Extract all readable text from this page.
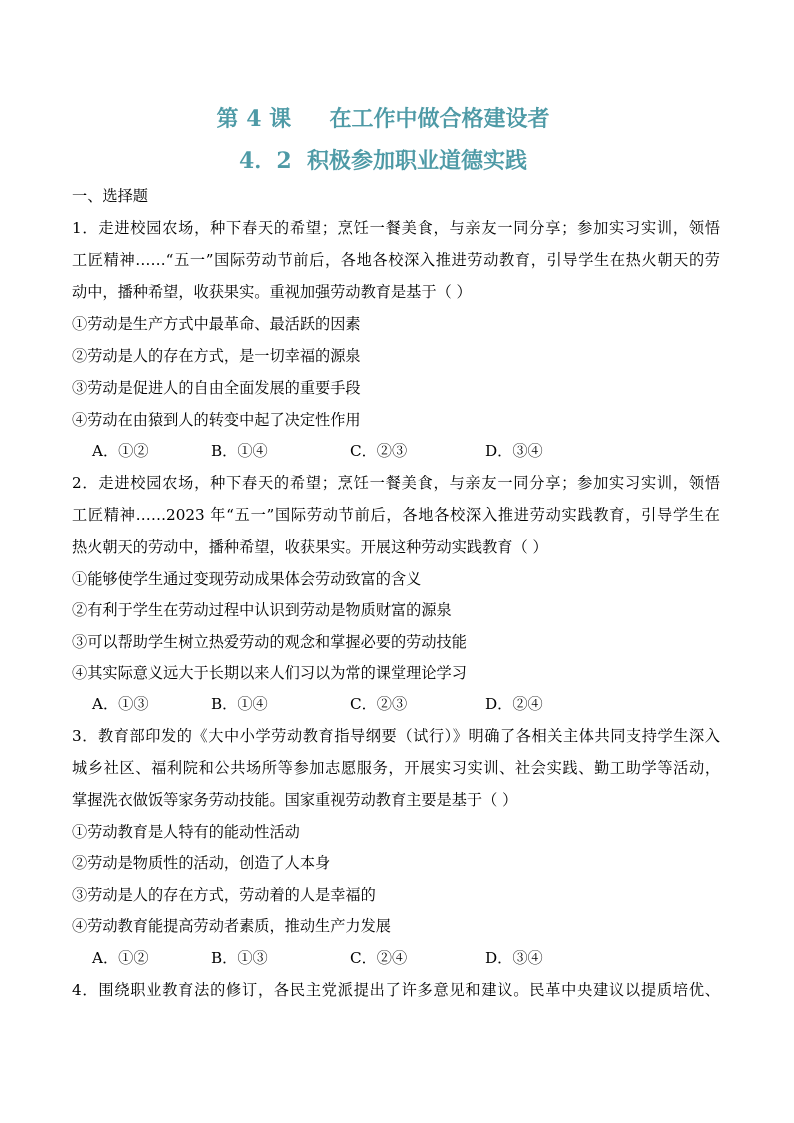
第 4 课     在工作中做合格建设者
4．2  积极参加职业道德实践
一、选择题
1．走进校园农场，种下春天的希望；烹饪一餐美食，与亲友一同分享；参加实习实训，领悟
工匠精神……“五一”国际劳动节前后，各地各校深入推进劳动教育，引导学生在热火朝天的劳
动中，播种希望，收获果实。重视加强劳动教育是基于（ ）
①劳动是生产方式中最革命、最活跃的因素
②劳动是人的存在方式，是一切幸福的源泉
③劳动是促进人的自由全面发展的重要手段
④劳动在由猿到人的转变中起了决定性作用
A．①②	B．①④	C．②③	D．③④
2．走进校园农场，种下春天的希望；烹饪一餐美食，与亲友一同分享；参加实习实训，领悟
工匠精神……2023 年“五一”国际劳动节前后，各地各校深入推进劳动实践教育，引导学生在
热火朝天的劳动中，播种希望，收获果实。开展这种劳动实践教育（ ）
①能够使学生通过变现劳动成果体会劳动致富的含义
②有利于学生在劳动过程中认识到劳动是物质财富的源泉
③可以帮助学生树立热爱劳动的观念和掌握必要的劳动技能
④其实际意义远大于长期以来人们习以为常的课堂理论学习
A．①③	B．①④	C．②③	D．②④
3．教育部印发的《大中小学劳动教育指导纲要（试行）》明确了各相关主体共同支持学生深入
城乡社区、福利院和公共场所等参加志愿服务，开展实习实训、社会实践、勤工助学等活动，
掌握洗衣做饭等家务劳动技能。国家重视劳动教育主要是基于（ ）
①劳动教育是人特有的能动性活动
②劳动是物质性的活动，创造了人本身
③劳动是人的存在方式，劳动着的人是幸福的
④劳动教育能提高劳动者素质，推动生产力发展
A．①②	B．①③	C．②④	D．③④
4．围绕职业教育法的修订，各民主党派提出了许多意见和建议。民革中央建议以提质培优、
